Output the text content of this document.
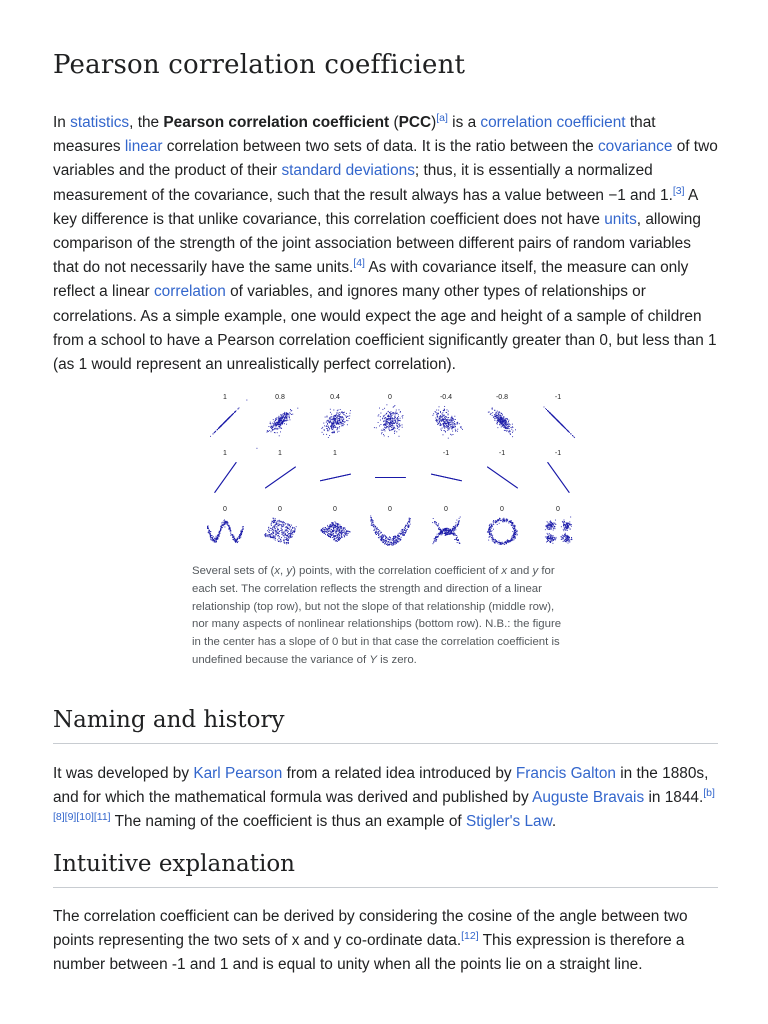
Pearson correlation coefficient

In statistics, the Pearson correlation coefficient (PCC)[a] is a correlation coefficient that measures linear correlation between two sets of data. It is the ratio between the covariance of two variables and the product of their standard deviations; thus, it is essentially a normalized measurement of the covariance, such that the result always has a value between −1 and 1.[3] A key difference is that unlike covariance, this correlation coefficient does not have units, allowing comparison of the strength of the joint association between different pairs of random variables that do not necessarily have the same units.[4] As with covariance itself, the measure can only reflect a linear correlation of variables, and ignores many other types of relationships or correlations. As a simple example, one would expect the age and height of a sample of children from a school to have a Pearson correlation coefficient significantly greater than 0, but less than 1 (as 1 would represent an unrealistically perfect correlation).

1	0.8	0.4	0	-0.4	-0.8	-1
1	1	1	-1	-1	-1
0	0	0	0	0	0	0
Several sets of (x, y) points, with the correlation coefficient of x and y for each set. The correlation reflects the strength and direction of a linear relationship (top row), but not the slope of that relationship (middle row), nor many aspects of nonlinear relationships (bottom row). N.B.: the figure in the center has a slope of 0 but in that case the correlation coefficient is undefined because the variance of Y is zero.
Naming and history

It was developed by Karl Pearson from a related idea introduced by Francis Galton in the 1880s, and for which the mathematical formula was derived and published by Auguste Bravais in 1844.[b][8][9][10][11] The naming of the coefficient is thus an example of Stigler's Law.

Intuitive explanation

The correlation coefficient can be derived by considering the cosine of the angle between two points representing the two sets of x and y co-ordinate data.[12] This expression is therefore a number between -1 and 1 and is equal to unity when all the points lie on a straight line.
